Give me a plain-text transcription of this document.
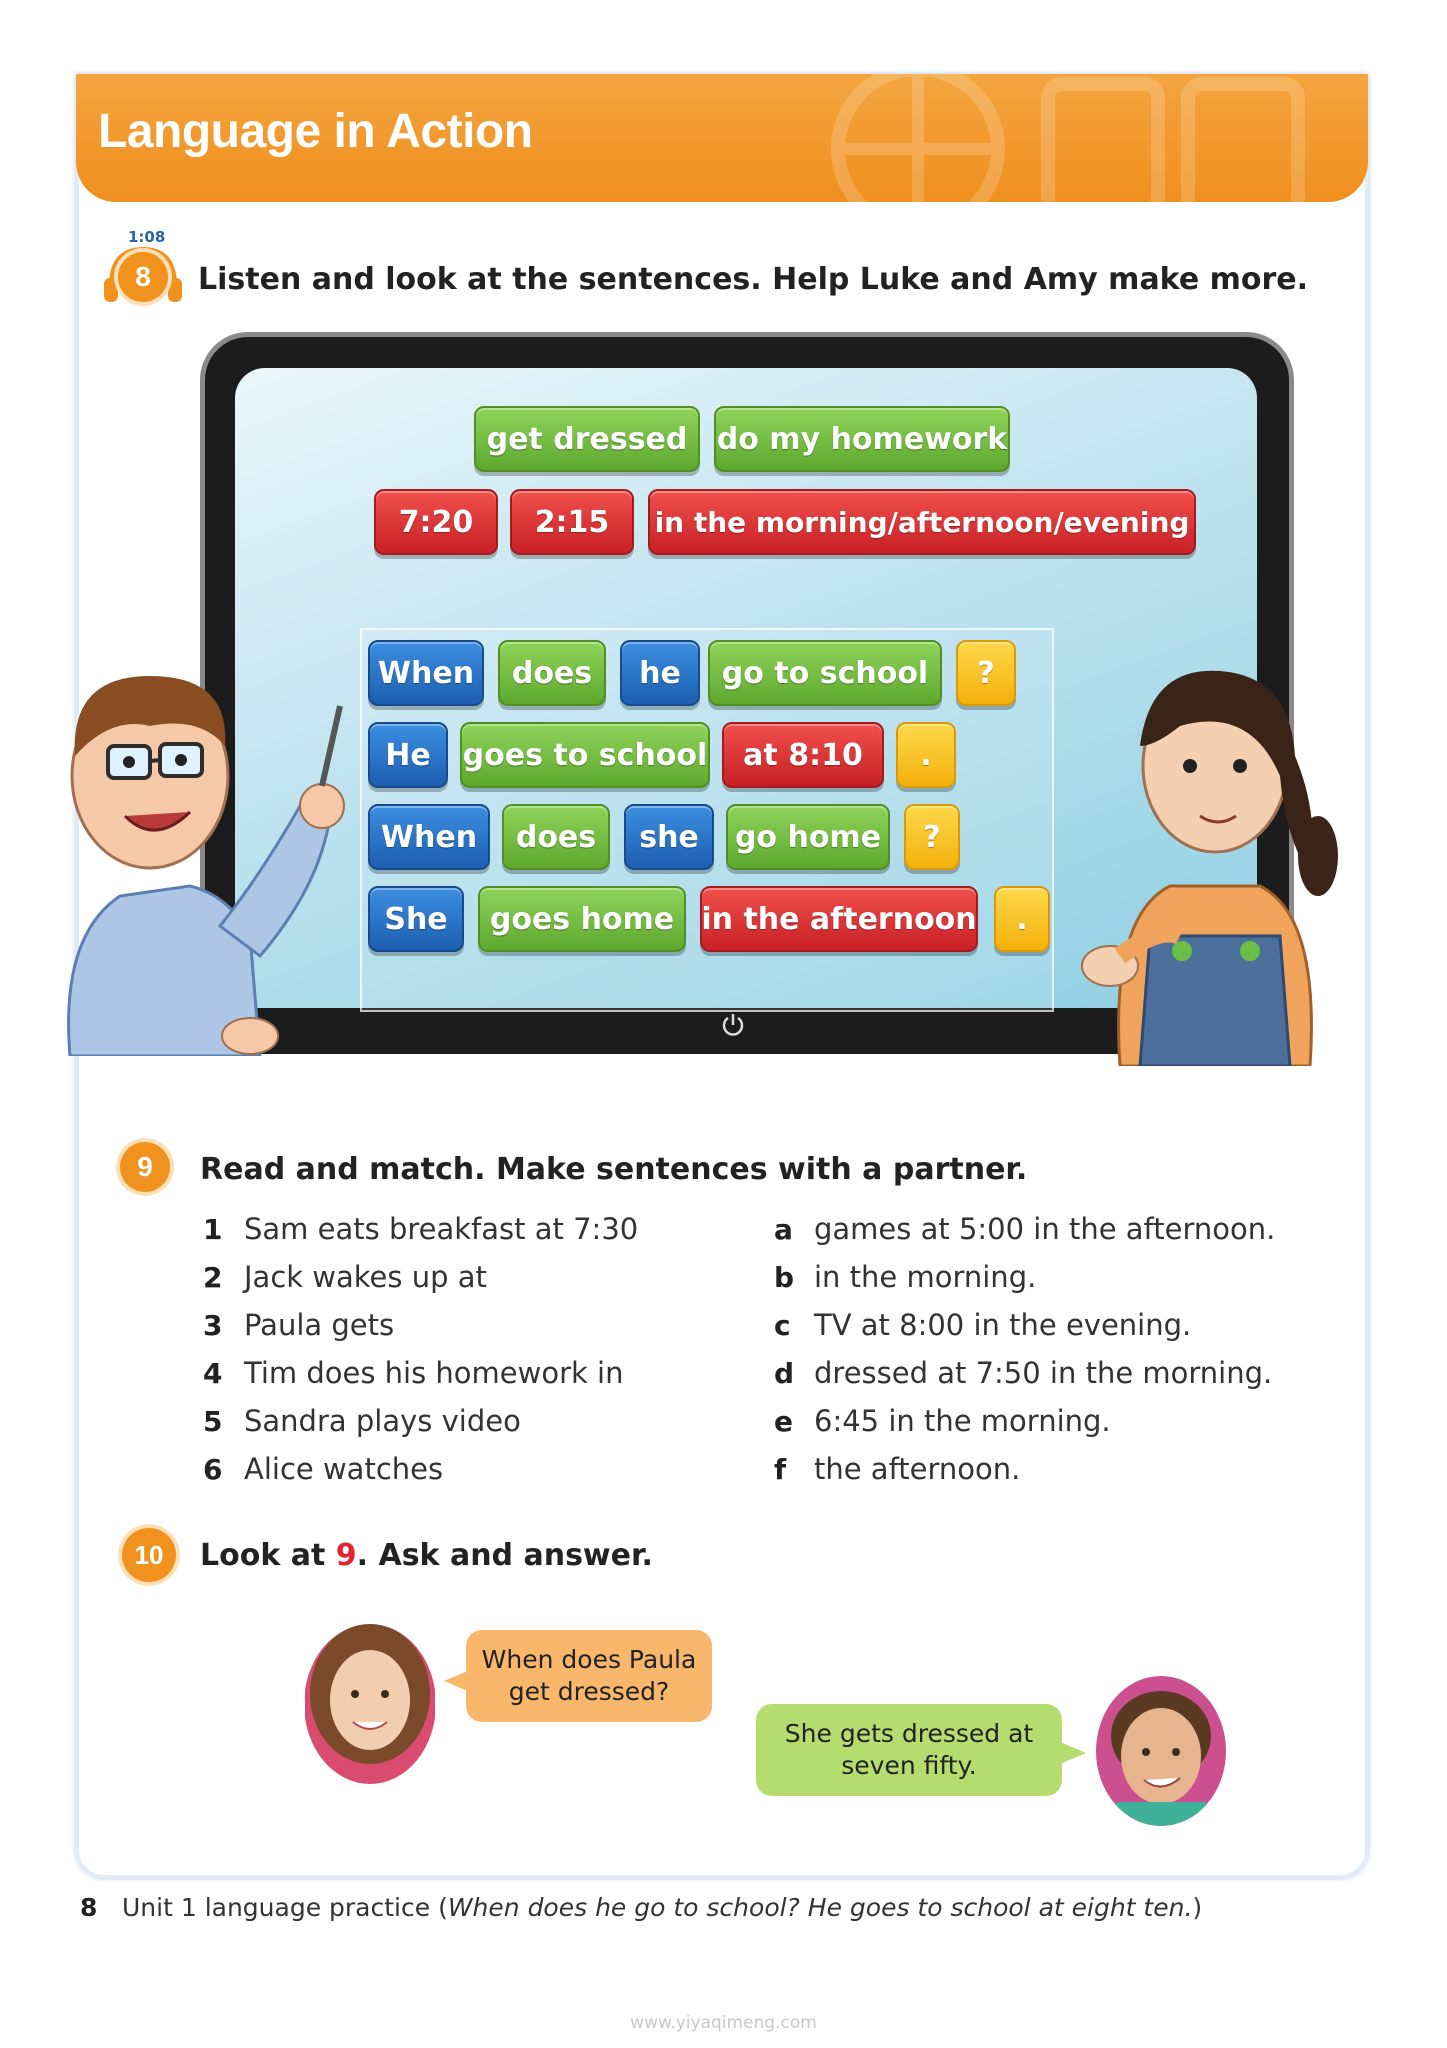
Language in Action
1:08
8	Listen and look at the sentences. Help Luke and Amy make more.
get dressed do my homework
7:20	2:15	in the morning/afternoon/evening
When	does	he	go to school	?
He	goes to school	at 8:10	.
When	does	she	go home	?
She	goes home in the afternoon	.
9	Read and match. Make sentences with a partner.
1 Sam eats breakfast at 7:30
2 Jack wakes up at
3 Paula gets
4 Tim does his homework in
5 Sandra plays video
6 Alice watches
a games at 5:00 in the afternoon.
b in the morning.
c TV at 8:00 in the evening.
d dressed at 7:50 in the morning.
e 6:45 in the morning.
f the afternoon.
10	Look at 9. Ask and answer.
When does Paula
get dressed?
She gets dressed at
seven fifty.
8 Unit 1 language practice (When does he go to school? He goes to school at eight ten.)
www.yiyaqimeng.com
